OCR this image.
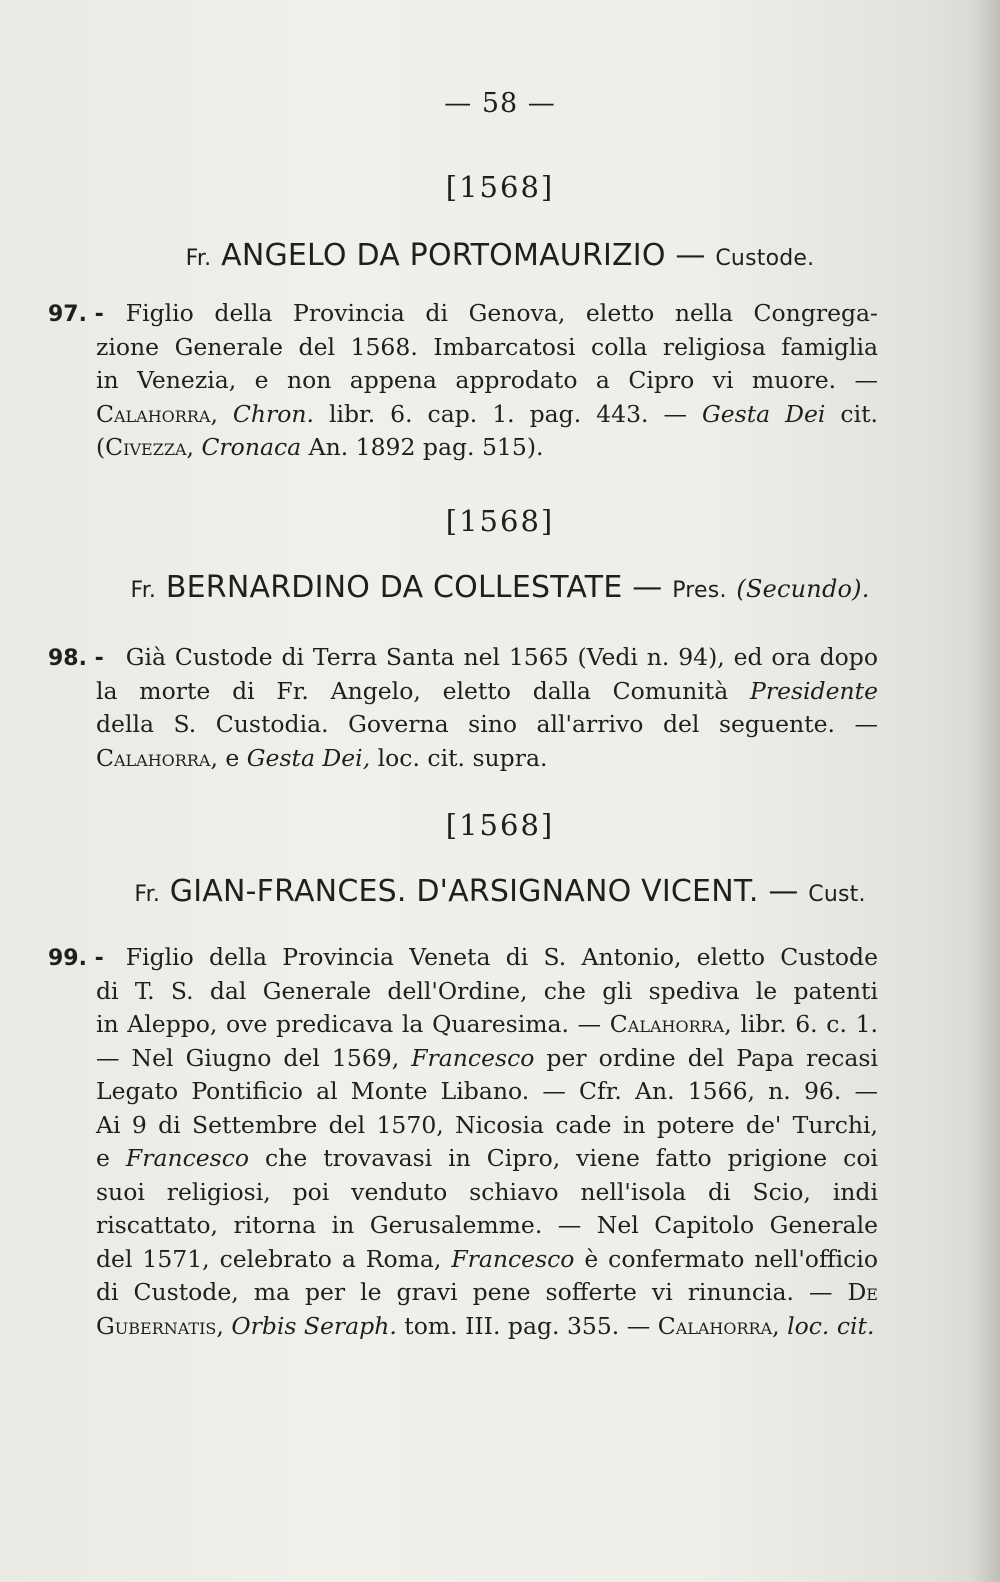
— 58 —
[1568]
Fr. ANGELO DA PORTOMAURIZIO — Custode.
97. - Figlio della Provincia di Genova, eletto nella Congrega-
zione Generale del 1568. Imbarcatosi colla religiosa famiglia
in Venezia, e non appena approdato a Cipro vi muore. —
Calahorra, Chron. libr. 6. cap. 1. pag. 443. — Gesta Dei cit.
(Civezza, Cronaca An. 1892 pag. 515).
[1568]
Fr. BERNARDINO DA COLLESTATE — Pres. (Secundo).
98. - Già Custode di Terra Santa nel 1565 (Vedi n. 94), ed ora dopo
la morte di Fr. Angelo, eletto dalla Comunità Presidente
della S. Custodia. Governa sino all'arrivo del seguente. —
Calahorra, e Gesta Dei, loc. cit. supra.
[1568]
Fr. GIAN-FRANCES. D'ARSIGNANO VICENT. — Cust.
99. - Figlio della Provincia Veneta di S. Antonio, eletto Custode
di T. S. dal Generale dell'Ordine, che gli spediva le patenti
in Aleppo, ove predicava la Quaresima. — Calahorra, libr. 6. c. 1.
— Nel Giugno del 1569, Francesco per ordine del Papa recasi
Legato Pontificio al Monte Libano. — Cfr. An. 1566, n. 96. —
Ai 9 di Settembre del 1570, Nicosia cade in potere de' Turchi,
e Francesco che trovavasi in Cipro, viene fatto prigione coi
suoi religiosi, poi venduto schiavo nell'isola di Scio, indi
riscattato, ritorna in Gerusalemme. — Nel Capitolo Generale
del 1571, celebrato a Roma, Francesco è confermato nell'officio
di Custode, ma per le gravi pene sofferte vi rinuncia. — De
Gubernatis, Orbis Seraph. tom. III. pag. 355. — Calahorra, loc. cit.
